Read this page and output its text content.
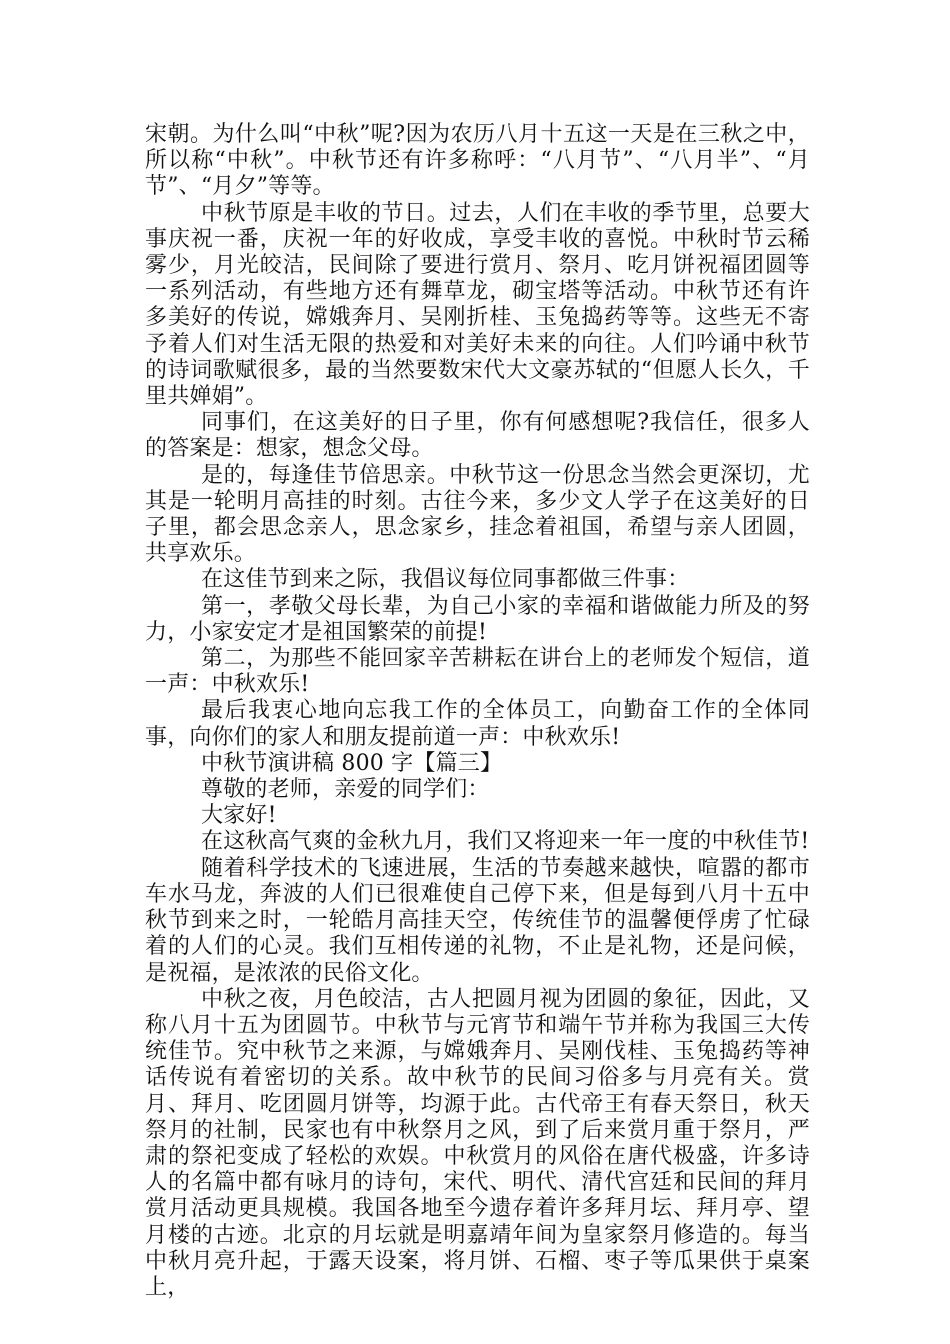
宋朝。为什么叫“中秋”呢?因为农历八月十五这一天是在三秋之中，所以称“中秋”。中秋节还有许多称呼：“八月节”、“八月半”、“月节”、“月夕”等等。

中秋节原是丰收的节日。过去，人们在丰收的季节里，总要大事庆祝一番，庆祝一年的好收成，享受丰收的喜悦。中秋时节云稀雾少，月光皎洁，民间除了要进行赏月、祭月、吃月饼祝福团圆等一系列活动，有些地方还有舞草龙，砌宝塔等活动。中秋节还有许多美好的传说，嫦娥奔月、吴刚折桂、玉兔捣药等等。这些无不寄予着人们对生活无限的热爱和对美好未来的向往。人们吟诵中秋节的诗词歌赋很多，最的当然要数宋代大文豪苏轼的“但愿人长久，千里共婵娟”。

同事们，在这美好的日子里，你有何感想呢?我信任，很多人的答案是：想家，想念父母。

是的，每逢佳节倍思亲。中秋节这一份思念当然会更深切，尤其是一轮明月高挂的时刻。古往今来，多少文人学子在这美好的日子里，都会思念亲人，思念家乡，挂念着祖国，希望与亲人团圆，共享欢乐。

在这佳节到来之际，我倡议每位同事都做三件事：

第一，孝敬父母长辈，为自己小家的幸福和谐做能力所及的努力，小家安定才是祖国繁荣的前提!

第二，为那些不能回家辛苦耕耘在讲台上的老师发个短信，道一声：中秋欢乐!

最后我衷心地向忘我工作的全体员工，向勤奋工作的全体同事，向你们的家人和朋友提前道一声：中秋欢乐!

中秋节演讲稿 800 字【篇三】

尊敬的老师，亲爱的同学们：

大家好!

在这秋高气爽的金秋九月，我们又将迎来一年一度的中秋佳节!

随着科学技术的飞速进展，生活的节奏越来越快，喧嚣的都市车水马龙，奔波的人们已很难使自己停下来，但是每到八月十五中秋节到来之时，一轮皓月高挂天空，传统佳节的温馨便俘虏了忙碌着的人们的心灵。我们互相传递的礼物，不止是礼物，还是问候，是祝福，是浓浓的民俗文化。

中秋之夜，月色皎洁，古人把圆月视为团圆的象征，因此，又称八月十五为团圆节。中秋节与元宵节和端午节并称为我国三大传统佳节。究中秋节之来源，与嫦娥奔月、吴刚伐桂、玉兔捣药等神话传说有着密切的关系。故中秋节的民间习俗多与月亮有关。赏月、拜月、吃团圆月饼等，均源于此。古代帝王有春天祭日，秋天祭月的社制，民家也有中秋祭月之风，到了后来赏月重于祭月，严肃的祭祀变成了轻松的欢娱。中秋赏月的风俗在唐代极盛，许多诗人的名篇中都有咏月的诗句，宋代、明代、清代宫廷和民间的拜月赏月活动更具规模。我国各地至今遗存着许多拜月坛、拜月亭、望月楼的古迹。北京的月坛就是明嘉靖年间为皇家祭月修造的。每当中秋月亮升起，于露天设案，将月饼、石榴、枣子等瓜果供于桌案上，
